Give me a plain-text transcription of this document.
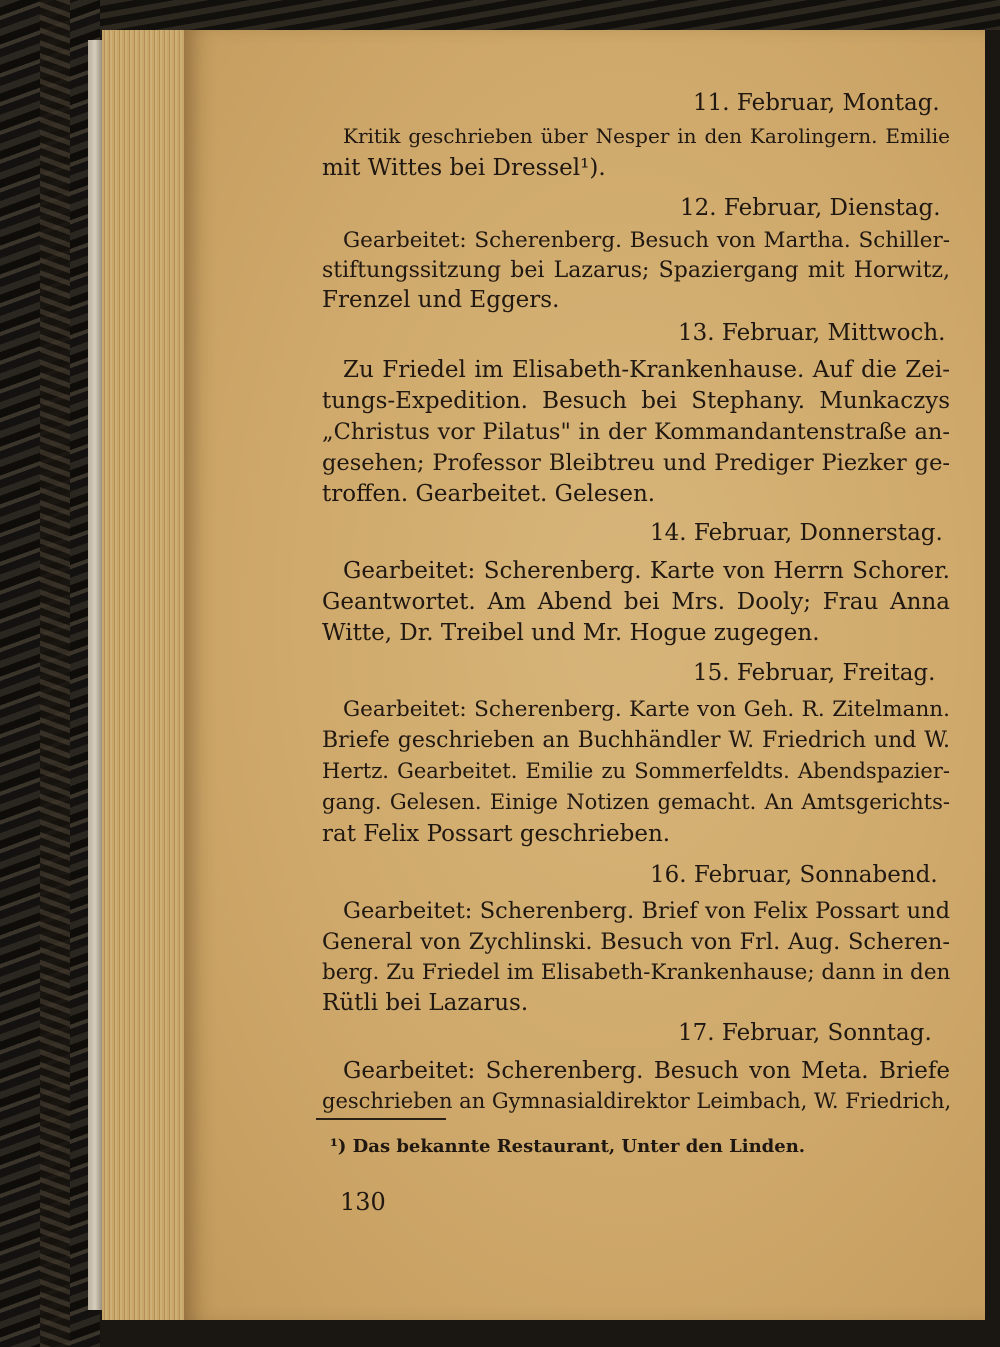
11. Februar, Montag.
Kritik geschrieben über Nesper in den Karolingern. Emilie
mit Wittes bei Dressel¹).
12. Februar, Dienstag.
Gearbeitet: Scherenberg. Besuch von Martha. Schiller-
stiftungssitzung bei Lazarus; Spaziergang mit Horwitz,
Frenzel und Eggers.
13. Februar, Mittwoch.
Zu Friedel im Elisabeth-Krankenhause. Auf die Zei-
tungs-Expedition. Besuch bei Stephany. Munkaczys
„Christus vor Pilatus" in der Kommandantenstraße an-
gesehen; Professor Bleibtreu und Prediger Piezker ge-
troffen. Gearbeitet. Gelesen.
14. Februar, Donnerstag.
Gearbeitet: Scherenberg. Karte von Herrn Schorer.
Geantwortet. Am Abend bei Mrs. Dooly; Frau Anna
Witte, Dr. Treibel und Mr. Hogue zugegen.
15. Februar, Freitag.
Gearbeitet: Scherenberg. Karte von Geh. R. Zitelmann.
Briefe geschrieben an Buchhändler W. Friedrich und W.
Hertz. Gearbeitet. Emilie zu Sommerfeldts. Abendspazier-
gang. Gelesen. Einige Notizen gemacht. An Amtsgerichts-
rat Felix Possart geschrieben.
16. Februar, Sonnabend.
Gearbeitet: Scherenberg. Brief von Felix Possart und
General von Zychlinski. Besuch von Frl. Aug. Scheren-
berg. Zu Friedel im Elisabeth-Krankenhause; dann in den
Rütli bei Lazarus.
17. Februar, Sonntag.
Gearbeitet: Scherenberg. Besuch von Meta. Briefe
geschrieben an Gymnasialdirektor Leimbach, W. Friedrich,
¹) Das bekannte Restaurant, Unter den Linden.
130
